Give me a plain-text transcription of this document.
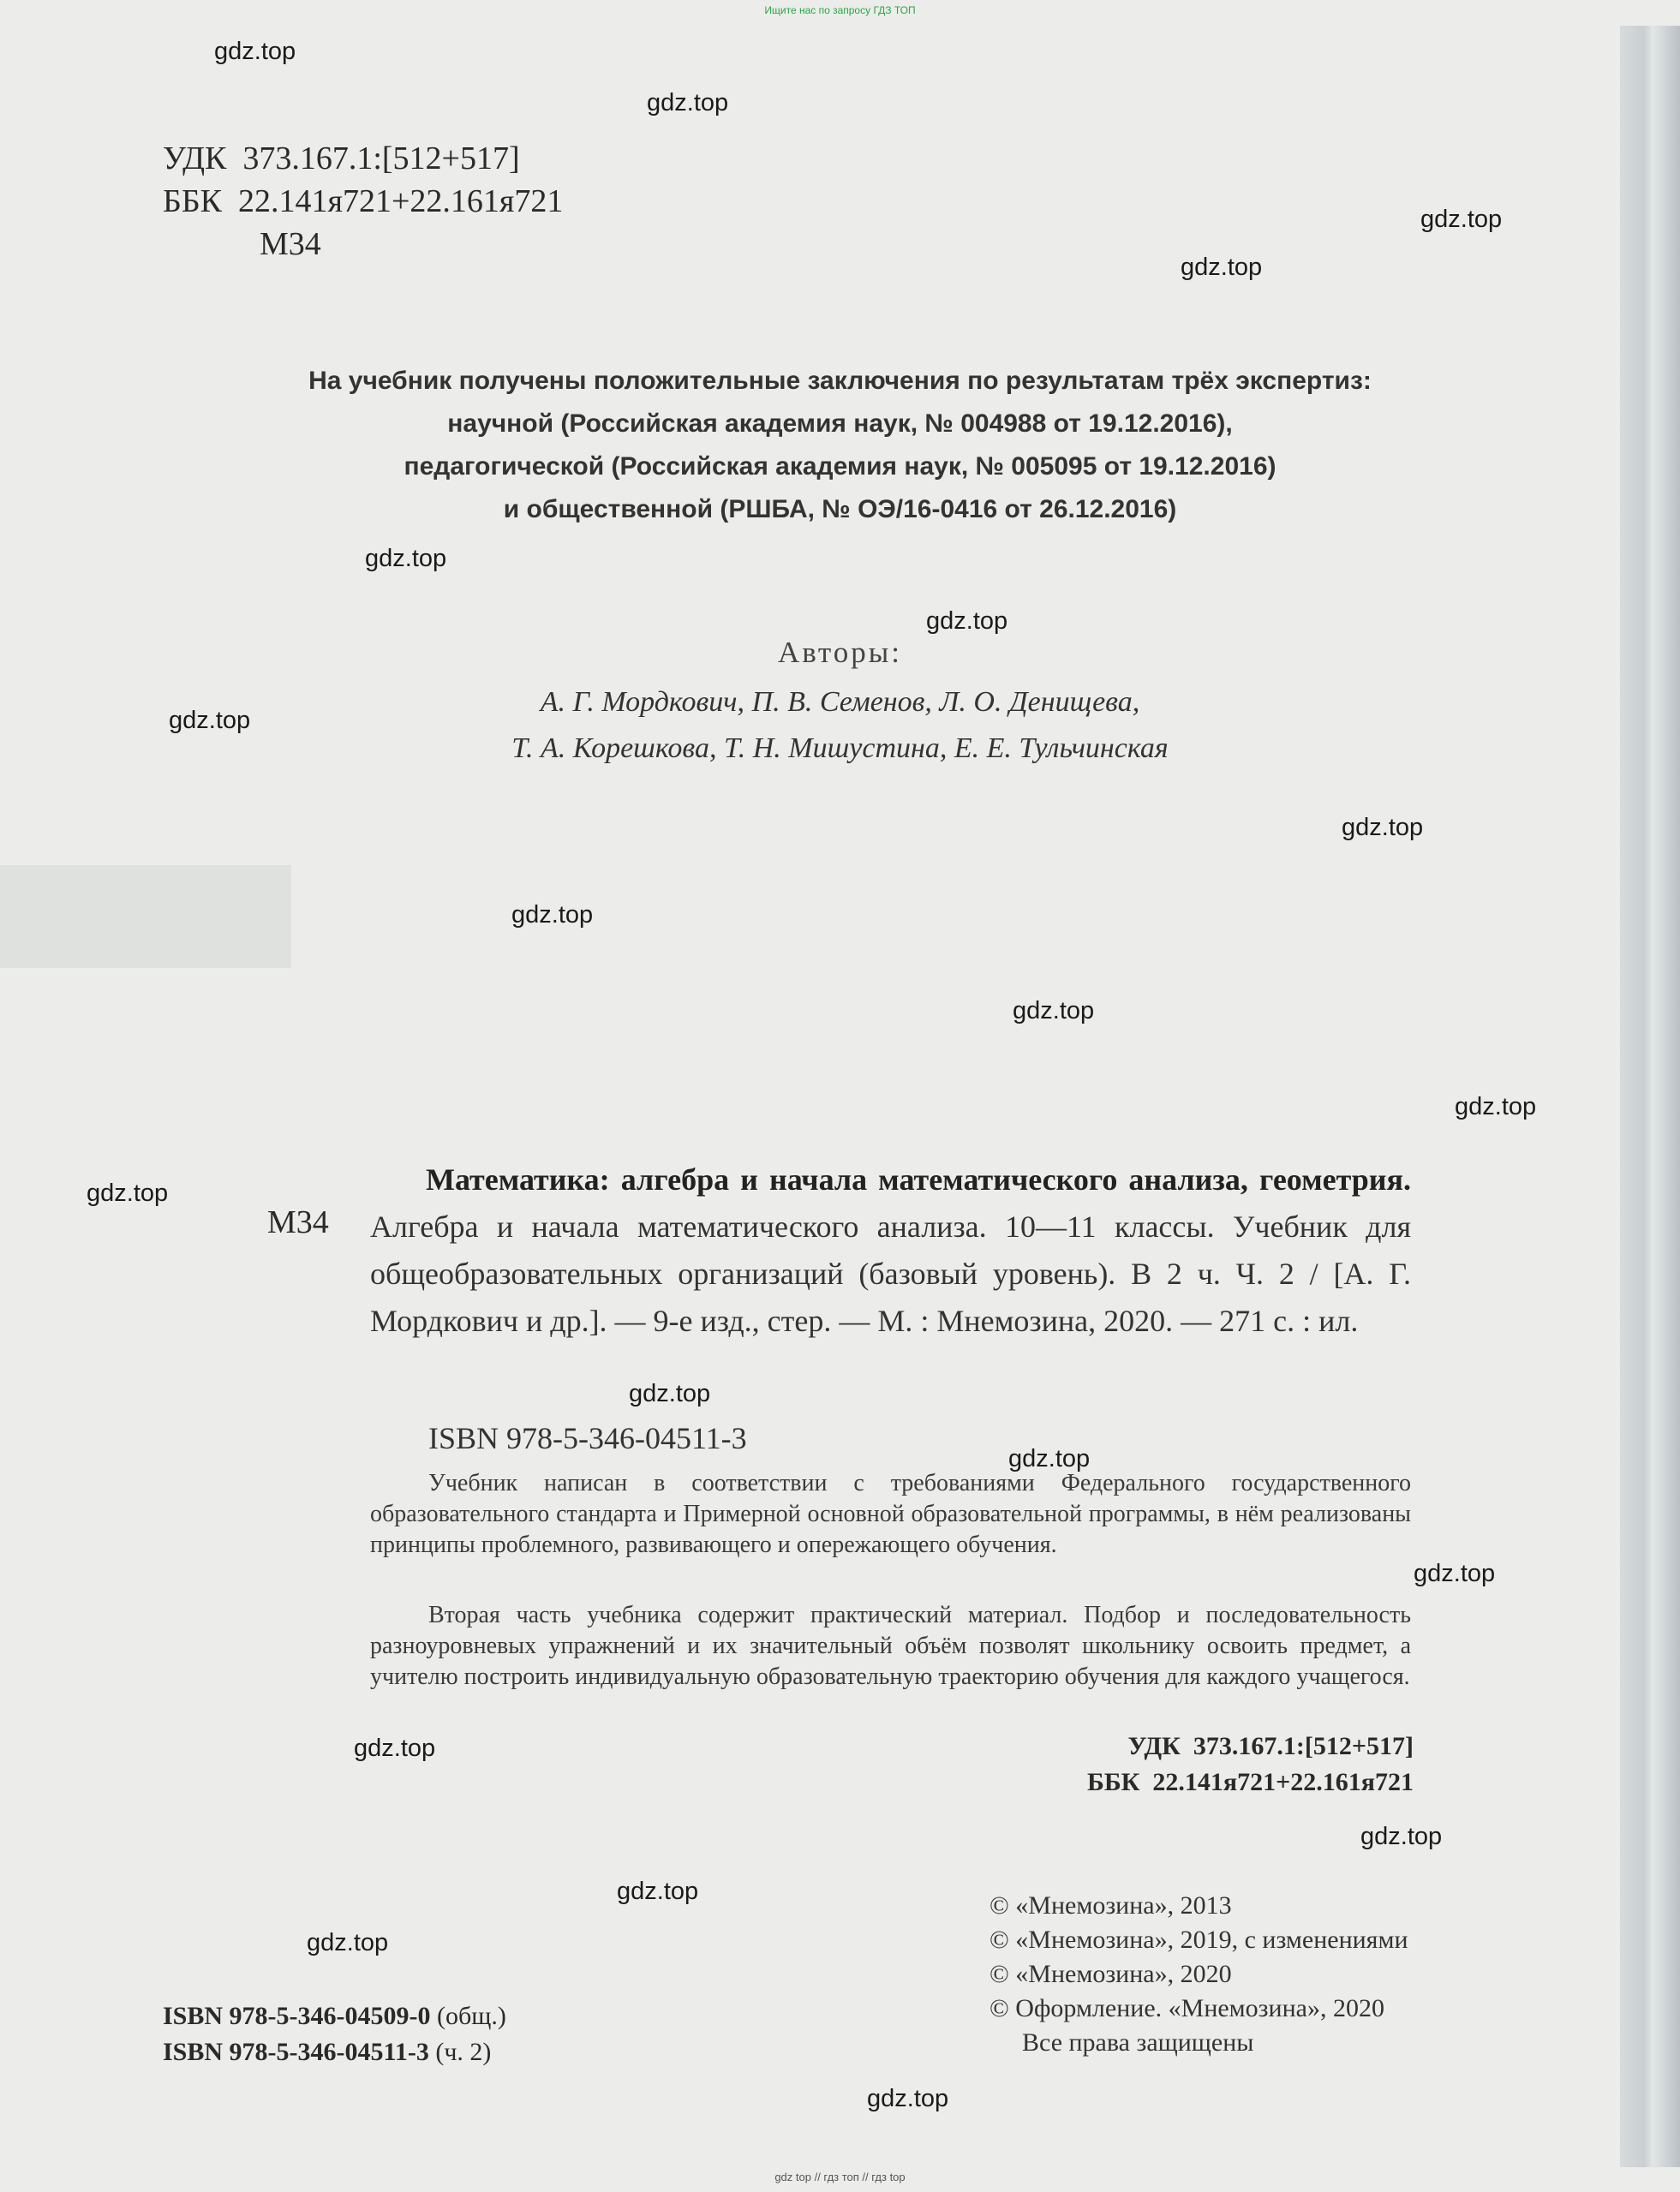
Ищите нас по запросу ГДЗ ТОП
gdz.top
gdz.top
gdz.top
gdz.top
gdz.top
gdz.top
gdz.top
gdz.top
gdz.top
gdz.top
gdz.top
gdz.top
gdz.top
gdz.top
gdz.top
gdz.top
gdz.top
gdz.top
gdz.top
gdz.top
УДК  373.167.1:[512+517]
ББК  22.141я721+22.161я721
М34
На учебник получены положительные заключения по результатам трёх экспертиз:
научной (Российская академия наук, № 004988 от 19.12.2016),
педагогической (Российская академия наук, № 005095 от 19.12.2016)
и общественной (РШБА, № ОЭ/16-0416 от 26.12.2016)
Авторы:
А. Г. Мордкович, П. В. Семенов, Л. О. Денищева,
Т. А. Корешкова, Т. Н. Мишустина, Е. Е. Тульчинская
М34
Математика: алгебра и начала математического анализа, геометрия. Алгебра и начала математического анализа. 10—11 классы. Учебник для общеобразовательных организаций (базовый уровень). В 2 ч. Ч. 2 / [А. Г. Мордкович и др.]. — 9-е изд., стер. — М. : Мнемозина, 2020. — 271 с. : ил.
ISBN 978-5-346-04511-3
Учебник написан в соответствии с требованиями Федерального государственного образовательного стандарта и Примерной основной образовательной программы, в нём реализованы принципы проблемного, развивающего и опережающего обучения.
Вторая часть учебника содержит практический материал. Подбор и последовательность разноуровневых упражнений и их значительный объём позволят школьнику освоить предмет, а учителю построить индивидуальную образовательную траекторию обучения для каждого учащегося.
УДК  373.167.1:[512+517]
ББК  22.141я721+22.161я721
© «Мнемозина», 2013
© «Мнемозина», 2019, с изменениями
© «Мнемозина», 2020
© Оформление. «Мнемозина», 2020
Все права защищены
ISBN 978-5-346-04509-0 (общ.)
ISBN 978-5-346-04511-3 (ч. 2)
gdz top // гдз топ // гдз top
